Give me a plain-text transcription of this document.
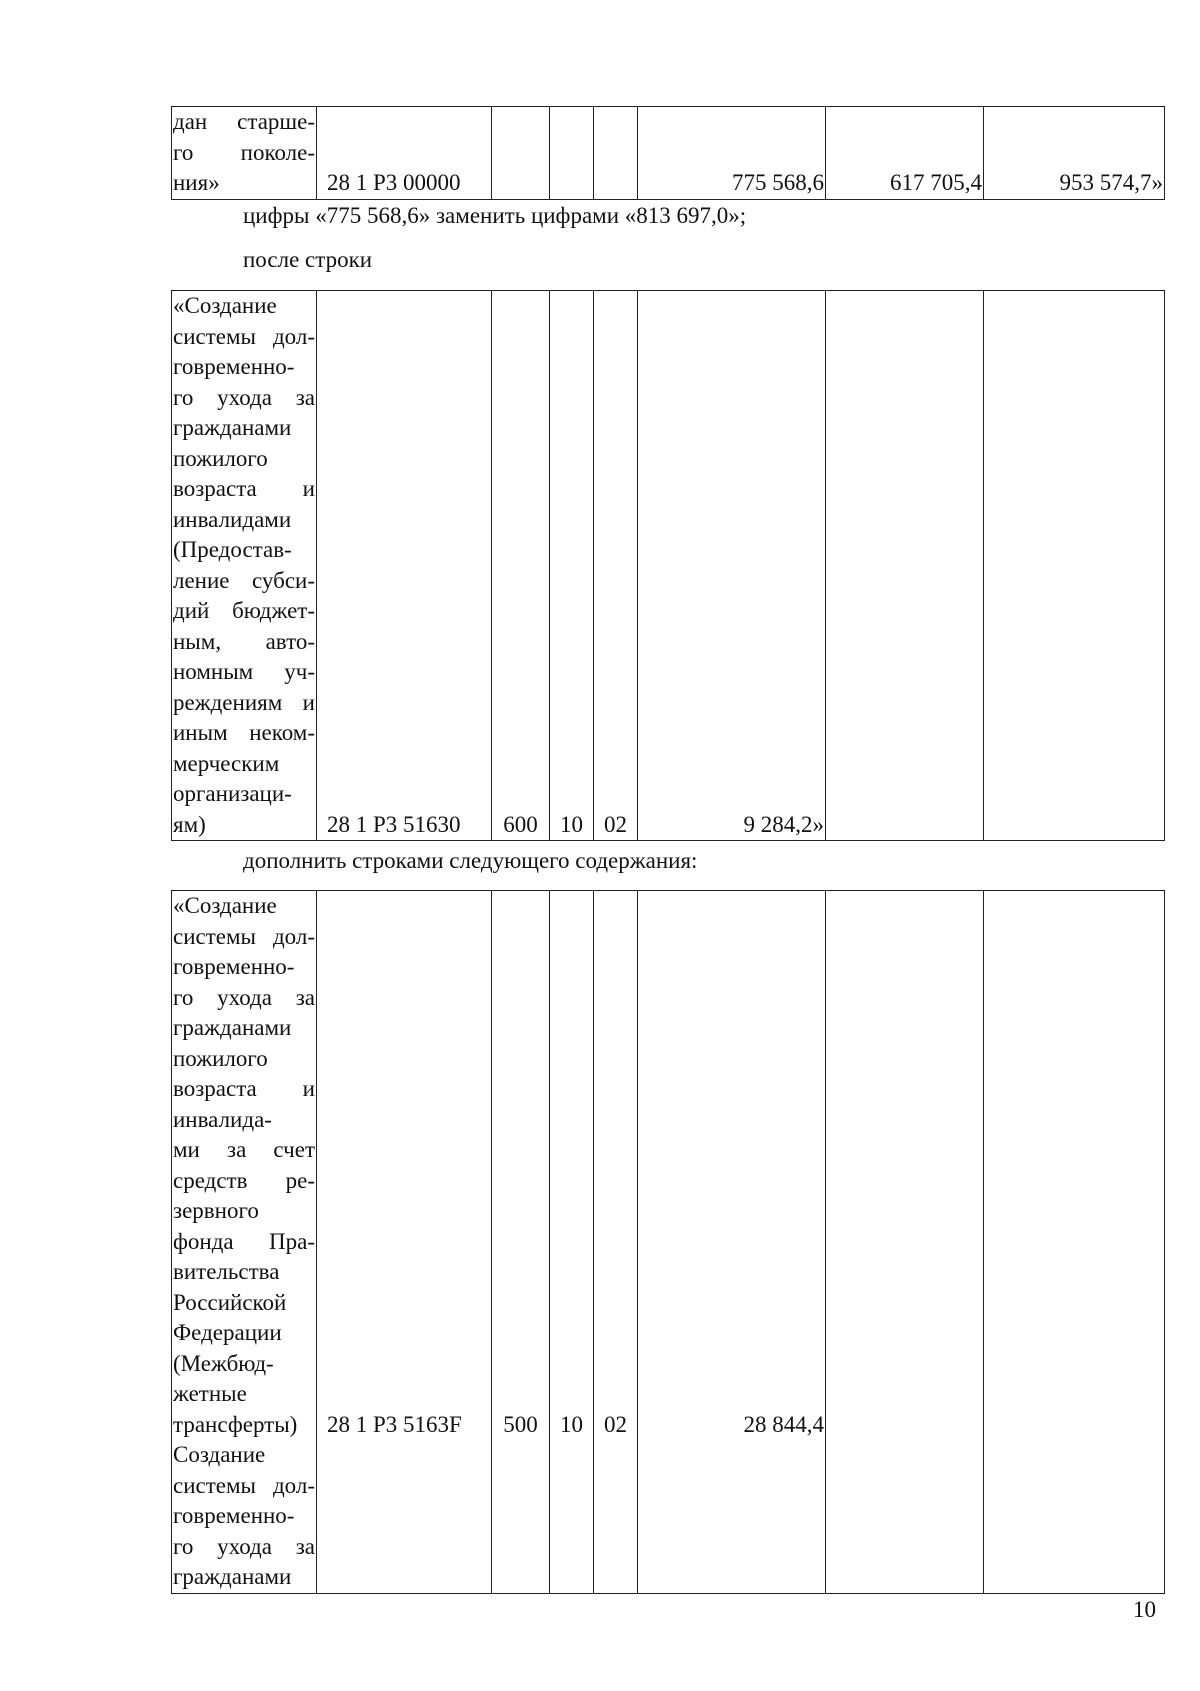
дан старше-
го поколе-
ния»	28 1 Р3 00000				775 568,6	617 705,4	953 574,7»
цифры «775 568,6» заменить цифрами «813 697,0»;
после строки
«Создание
системы дол-
говременно-
го ухода за
гражданами
пожилого
возраста и
инвалидами
(Предостав-
ление субси-
дий бюджет-
ным, авто-
номным уч-
реждениям и
иным неком-
мерческим
организаци-
ям)	28 1 Р3 51630	600	10	02	9 284,2»		
дополнить строками следующего содержания:
«Создание
системы дол-
говременно-
го ухода за
гражданами
пожилого
возраста и
инвалида-
ми за счет
средств ре-
зервного
фонда Пра-
вительства
Российской
Федерации
(Межбюд-
жетные
трансферты)
Создание
системы дол-
говременно-
го ухода за
гражданами

28 1 Р3 5163F	500	10	02	28 844,4		
10
